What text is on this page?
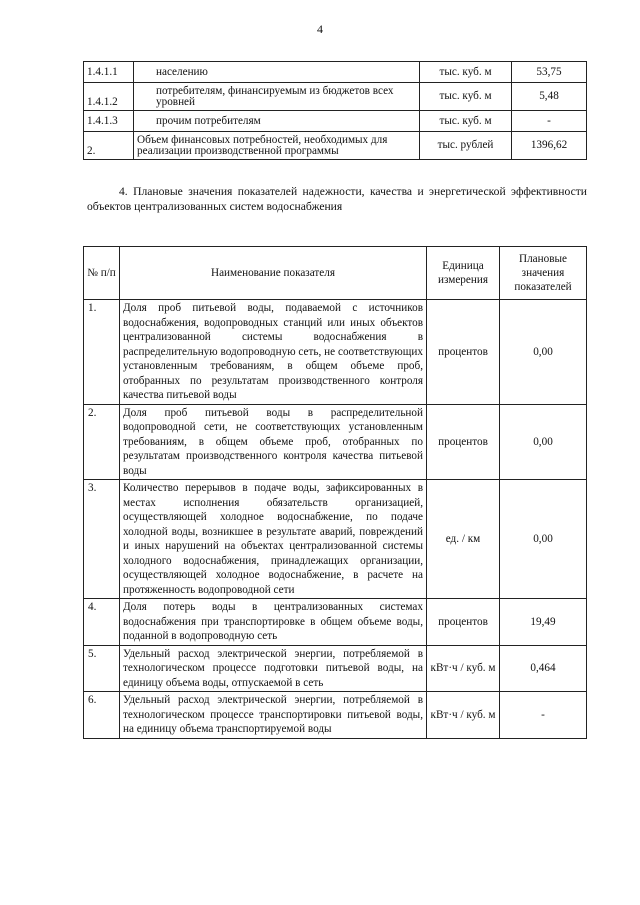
4
1.4.1.1	населению	тыс. куб. м	53,75
1.4.1.2	потребителям, финансируемым из бюджетов всех уровней	тыс. куб. м	5,48
1.4.1.3	прочим потребителям	тыс. куб. м	-
2.	Объем финансовых потребностей, необходимых для реализации производственной программы	тыс. рублей	1396,62
4. Плановые значения показателей надежности, качества и энергетической эффективности объектов централизованных систем водоснабжения
№ п/п	Наименование показателя	Единица измерения	Плановые значения показателей
1.	Доля проб питьевой воды, подаваемой с источников водоснабжения, водопроводных станций или иных объектов централизованной системы водоснабжения в распределительную водопроводную сеть, не соответствующих установленным требованиям, в общем объеме проб, отобранных по результатам производственного контроля качества питьевой воды	процентов	0,00
2.	Доля проб питьевой воды в распределительной водопроводной сети, не соответствующих установленным требованиям, в общем объеме проб, отобранных по результатам производственного контроля качества питьевой воды	процентов	0,00
3.	Количество перерывов в подаче воды, зафиксированных в местах исполнения обязательств организацией, осуществляющей холодное водоснабжение, по подаче холодной воды, возникшее в результате аварий, повреждений и иных нарушений на объектах централизованной системы холодного водоснабжения, принадлежащих организации, осуществляющей холодное водоснабжение, в расчете на протяженность водопроводной сети	ед. / км	0,00
4.	Доля потерь воды в централизованных системах водоснабжения при транспортировке в общем объеме воды, поданной в водопроводную сеть	процентов	19,49
5.	Удельный расход электрической энергии, потребляемой в технологическом процессе подготовки питьевой воды, на единицу объема воды, отпускаемой в сеть	кВт·ч / куб. м	0,464
6.	Удельный расход электрической энергии, потребляемой в технологическом процессе транспортировки питьевой воды, на единицу объема транспортируемой воды	кВт·ч / куб. м	-
